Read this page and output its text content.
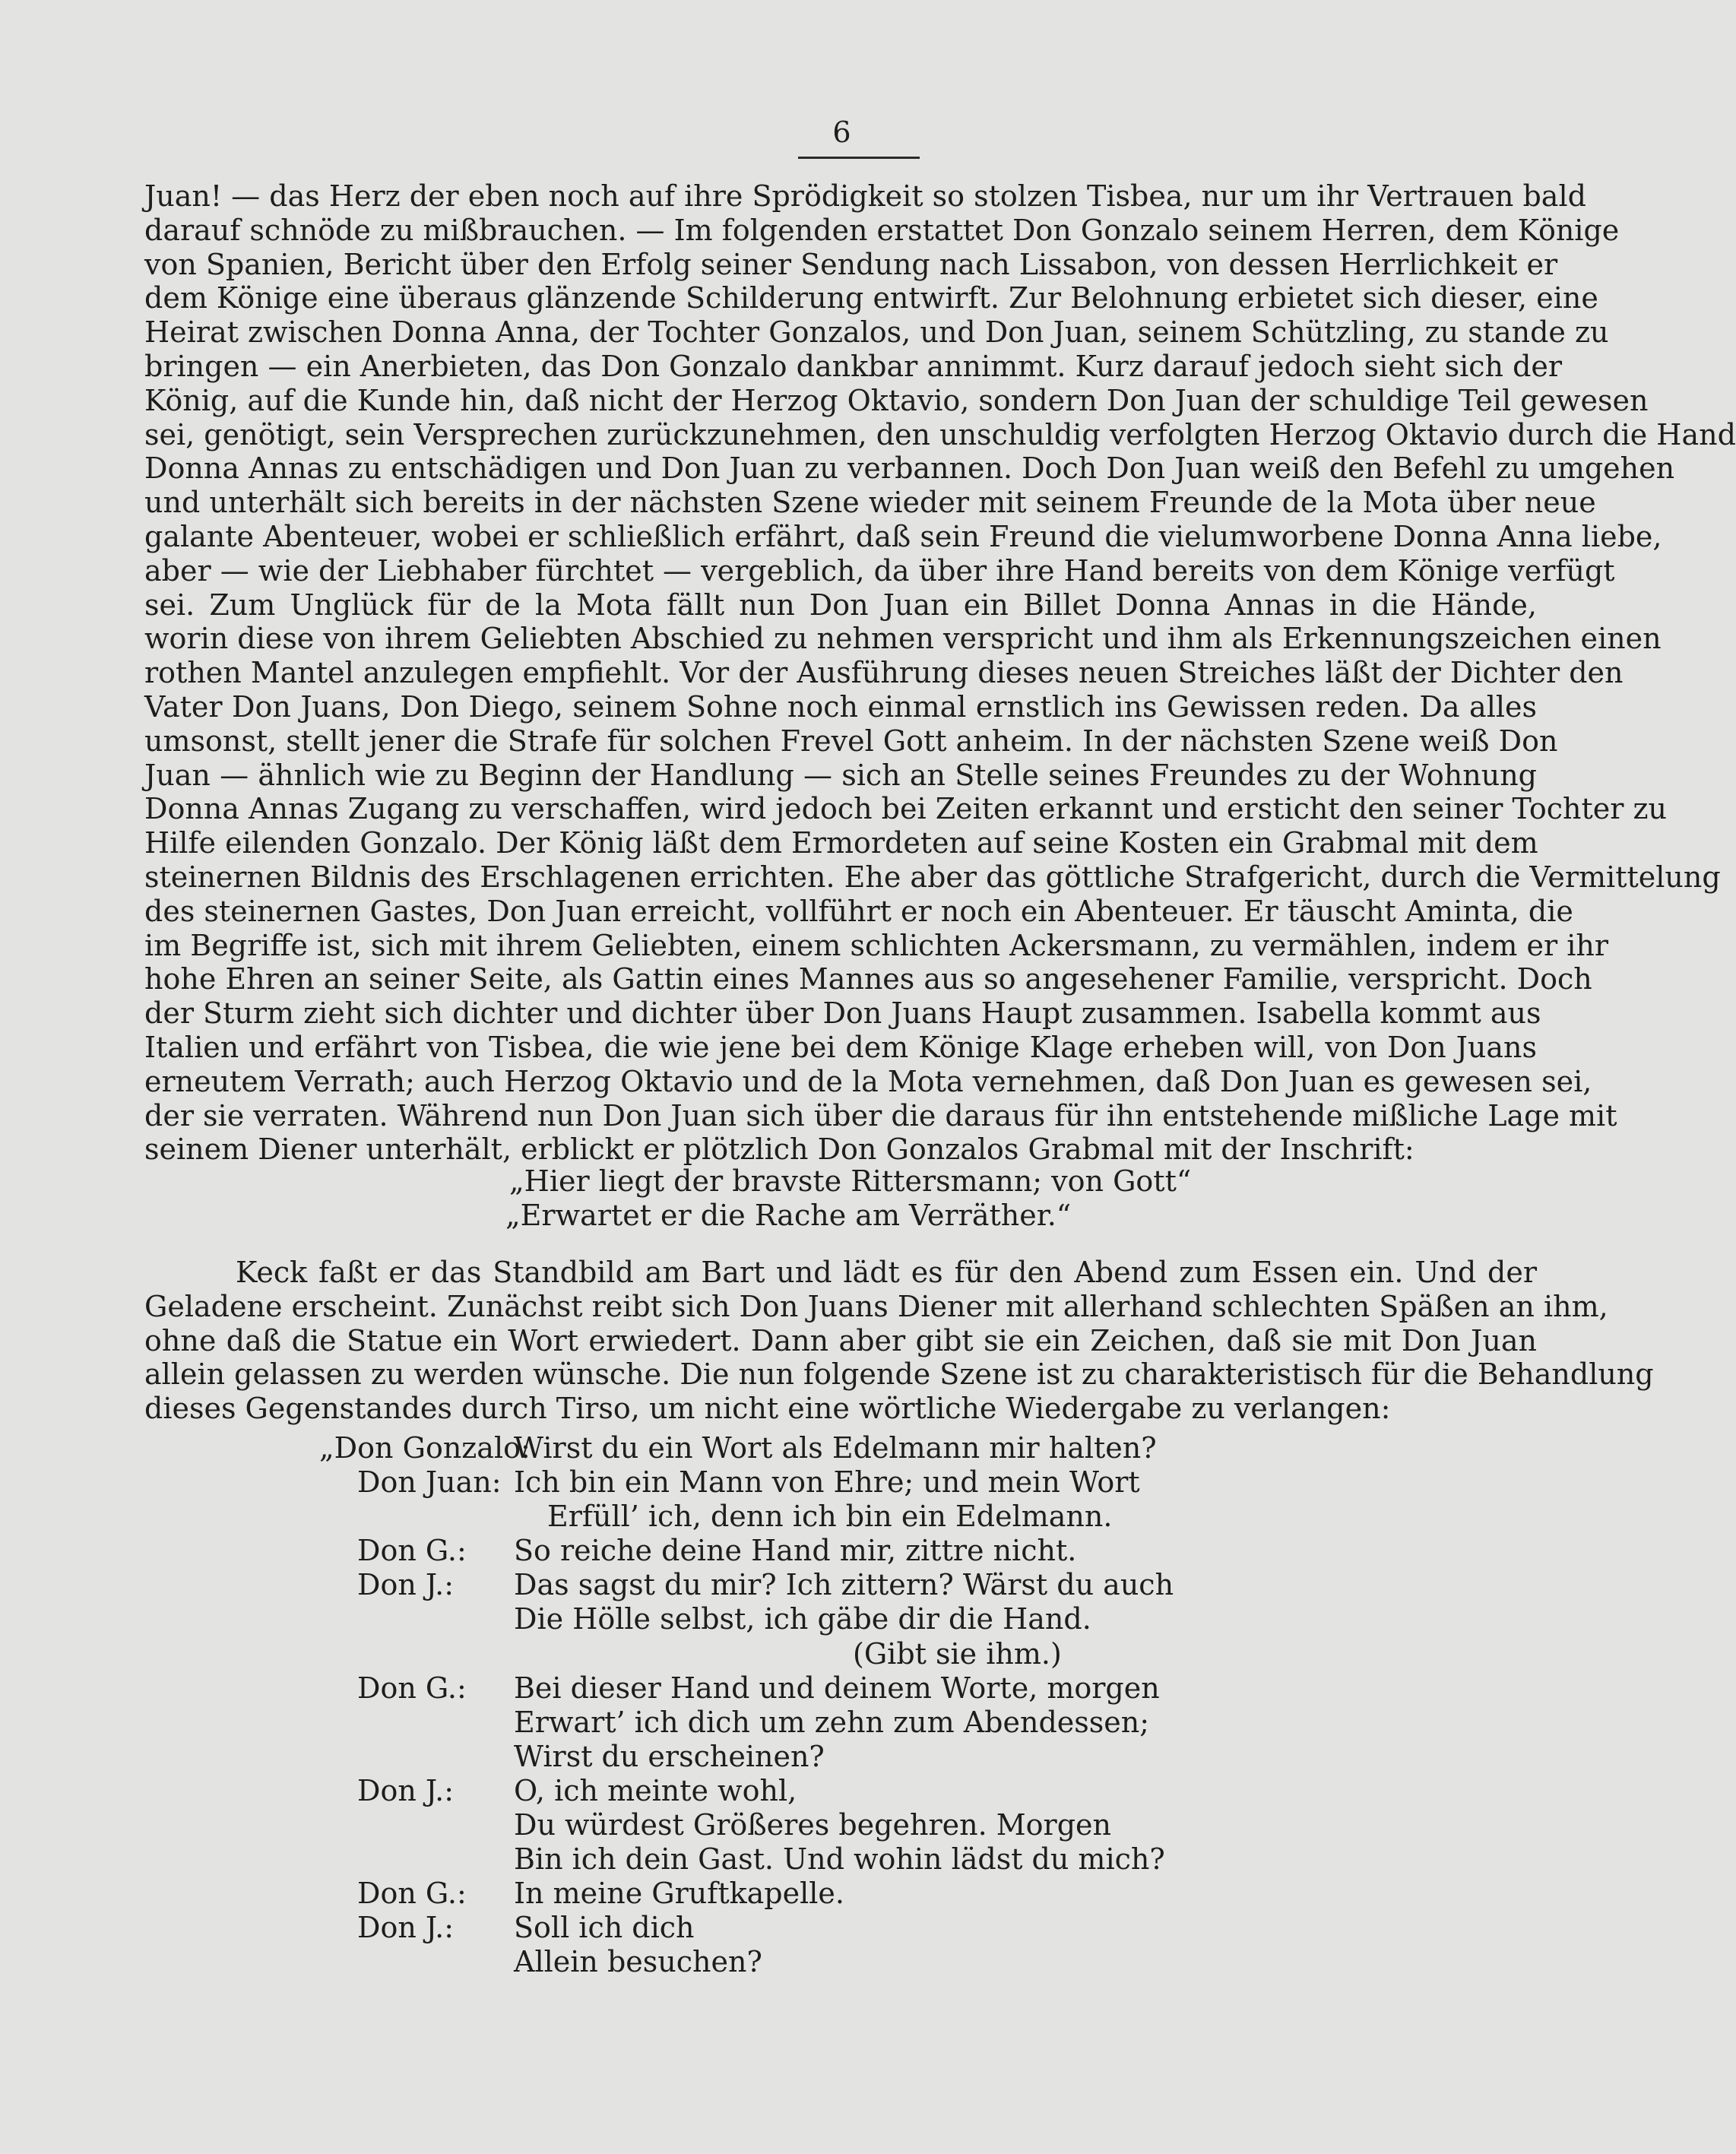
6
Juan! — das Herz der eben noch auf ihre Sprödigkeit so stolzen Tisbea, nur um ihr Vertrauen bald
darauf schnöde zu mißbrauchen. — Im folgenden erstattet Don Gonzalo seinem Herren, dem Könige
von Spanien, Bericht über den Erfolg seiner Sendung nach Lissabon, von dessen Herrlichkeit er
dem Könige eine überaus glänzende Schilderung entwirft. Zur Belohnung erbietet sich dieser, eine
Heirat zwischen Donna Anna, der Tochter Gonzalos, und Don Juan, seinem Schützling, zu stande zu
bringen — ein Anerbieten, das Don Gonzalo dankbar annimmt. Kurz darauf jedoch sieht sich der
König, auf die Kunde hin, daß nicht der Herzog Oktavio, sondern Don Juan der schuldige Teil gewesen
sei, genötigt, sein Versprechen zurückzunehmen, den unschuldig verfolgten Herzog Oktavio durch die Hand
Donna Annas zu entschädigen und Don Juan zu verbannen. Doch Don Juan weiß den Befehl zu umgehen
und unterhält sich bereits in der nächsten Szene wieder mit seinem Freunde de la Mota über neue
galante Abenteuer, wobei er schließlich erfährt, daß sein Freund die vielumworbene Donna Anna liebe,
aber — wie der Liebhaber fürchtet — vergeblich, da über ihre Hand bereits von dem Könige verfügt
sei. Zum Unglück für de la Mota fällt nun Don Juan ein Billet Donna Annas in die Hände,
worin diese von ihrem Geliebten Abschied zu nehmen verspricht und ihm als Erkennungszeichen einen
rothen Mantel anzulegen empfiehlt. Vor der Ausführung dieses neuen Streiches läßt der Dichter den
Vater Don Juans, Don Diego, seinem Sohne noch einmal ernstlich ins Gewissen reden. Da alles
umsonst, stellt jener die Strafe für solchen Frevel Gott anheim. In der nächsten Szene weiß Don
Juan — ähnlich wie zu Beginn der Handlung — sich an Stelle seines Freundes zu der Wohnung
Donna Annas Zugang zu verschaffen, wird jedoch bei Zeiten erkannt und ersticht den seiner Tochter zu
Hilfe eilenden Gonzalo. Der König läßt dem Ermordeten auf seine Kosten ein Grabmal mit dem
steinernen Bildnis des Erschlagenen errichten. Ehe aber das göttliche Strafgericht, durch die Vermittelung
des steinernen Gastes, Don Juan erreicht, vollführt er noch ein Abenteuer. Er täuscht Aminta, die
im Begriffe ist, sich mit ihrem Geliebten, einem schlichten Ackersmann, zu vermählen, indem er ihr
hohe Ehren an seiner Seite, als Gattin eines Mannes aus so angesehener Familie, verspricht. Doch
der Sturm zieht sich dichter und dichter über Don Juans Haupt zusammen. Isabella kommt aus
Italien und erfährt von Tisbea, die wie jene bei dem Könige Klage erheben will, von Don Juans
erneutem Verrath; auch Herzog Oktavio und de la Mota vernehmen, daß Don Juan es gewesen sei,
der sie verraten. Während nun Don Juan sich über die daraus für ihn entstehende mißliche Lage mit
seinem Diener unterhält, erblickt er plötzlich Don Gonzalos Grabmal mit der Inschrift:
„Hier liegt der bravste Rittersmann; von Gott“
„Erwartet er die Rache am Verräther.“
Keck faßt er das Standbild am Bart und lädt es für den Abend zum Essen ein. Und der
Geladene erscheint. Zunächst reibt sich Don Juans Diener mit allerhand schlechten Späßen an ihm,
ohne daß die Statue ein Wort erwiedert. Dann aber gibt sie ein Zeichen, daß sie mit Don Juan
allein gelassen zu werden wünsche. Die nun folgende Szene ist zu charakteristisch für die Behandlung
dieses Gegenstandes durch Tirso, um nicht eine wörtliche Wiedergabe zu verlangen:
„Don Gonzalo:
Wirst du ein Wort als Edelmann mir halten?
Don Juan: Ich bin ein Mann von Ehre; und mein Wort
Erfüll’ ich, denn ich bin ein Edelmann.
Don G.:	So reiche deine Hand mir, zittre nicht.
Don J.:	Das sagst du mir? Ich zittern? Wärst du auch
Die Hölle selbst, ich gäbe dir die Hand.
(Gibt sie ihm.)
Don G.:	Bei dieser Hand und deinem Worte, morgen
Erwart’ ich dich um zehn zum Abendessen;
Wirst du erscheinen?
Don J.:	O, ich meinte wohl,
Du würdest Größeres begehren. Morgen
Bin ich dein Gast. Und wohin lädst du mich?
Don G.:	In meine Gruftkapelle.
Don J.:	Soll ich dich
Allein besuchen?
